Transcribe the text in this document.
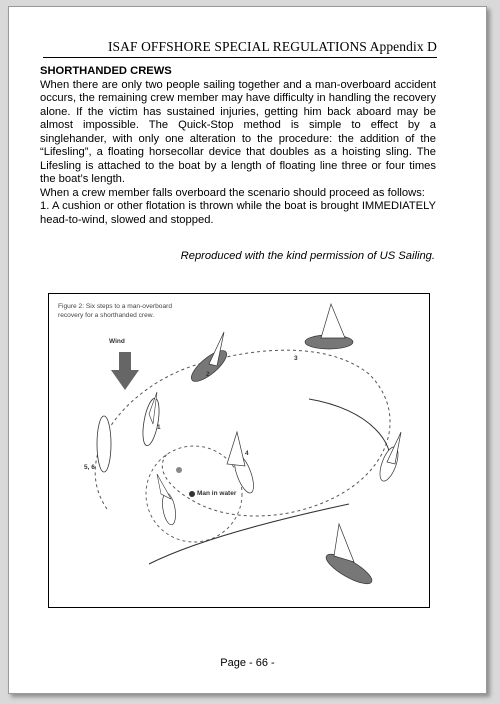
ISAF OFFSHORE SPECIAL REGULATIONS Appendix D

SHORTHANDED CREWS

When there are only two people sailing together and a man-overboard accident occurs, the remaining crew member may have difficulty in handling the recovery alone. If the victim has sustained injuries, getting him back aboard may be almost impossible. The Quick-Stop method is simple to effect by a singlehander, with only one alteration to the procedure: the addition of the “Lifesling”, a floating horsecollar device that doubles as a hoisting sling. The Lifesling is attached to the boat by a length of floating line three or four times the boat’s length.

When a crew member falls overboard the scenario should proceed as follows:

1. A cushion or other flotation is thrown while the boat is brought IMMEDIATELY head-to-wind, slowed and stopped.

Reproduced with the kind permission of US Sailing.
Figure 2: Six steps to a man-overboard recovery for a shorthanded crew.
Wind
1
2
3
4
5, 6
Man in water
Page - 66 -
